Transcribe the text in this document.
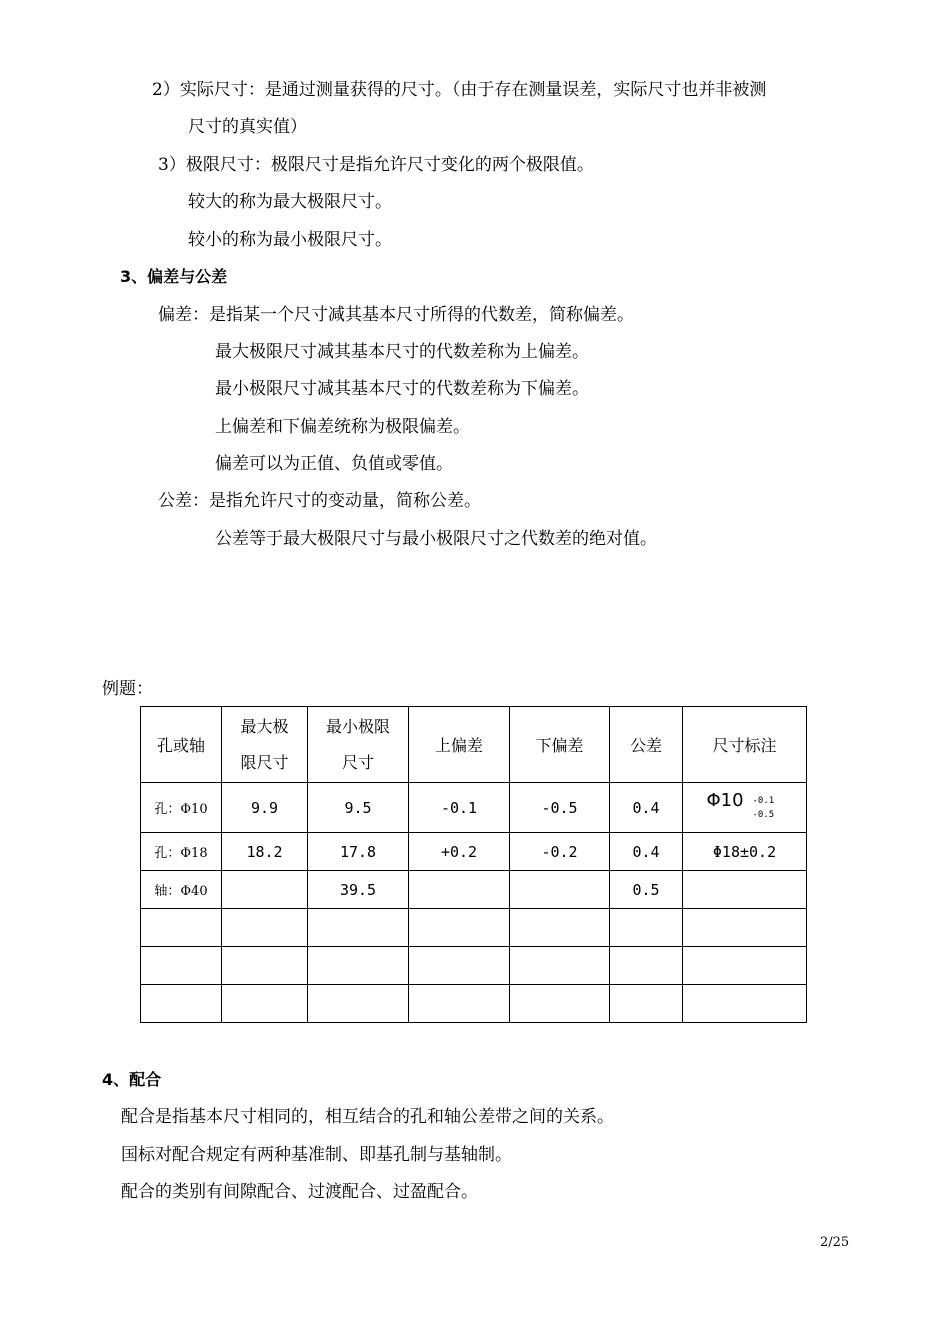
2）实际尺寸：是通过测量获得的尺寸。（由于存在测量误差，实际尺寸也并非被测
尺寸的真实值）
3）极限尺寸：极限尺寸是指允许尺寸变化的两个极限值。
较大的称为最大极限尺寸。
较小的称为最小极限尺寸。
3、偏差与公差
偏差：是指某一个尺寸减其基本尺寸所得的代数差，简称偏差。
最大极限尺寸减其基本尺寸的代数差称为上偏差。
最小极限尺寸减其基本尺寸的代数差称为下偏差。
上偏差和下偏差统称为极限偏差。
偏差可以为正值、负值或零值。
公差：是指允许尺寸的变动量，简称公差。
公差等于最大极限尺寸与最小极限尺寸之代数差的绝对值。
例题：
孔或轴	最大极
限尺寸	最小极限
尺寸	上偏差	下偏差	公差	尺寸标注
孔：Φ10	9.9	9.5	-0.1	-0.5	0.4	Φ10 -0.1
-0.5

孔：Φ18	18.2	17.8	+0.2	-0.2	0.4	Φ18±0.2
轴：Φ40		39.5			0.5	

4、配合
配合是指基本尺寸相同的，相互结合的孔和轴公差带之间的关系。
国标对配合规定有两种基准制、即基孔制与基轴制。
配合的类别有间隙配合、过渡配合、过盈配合。
2/25
